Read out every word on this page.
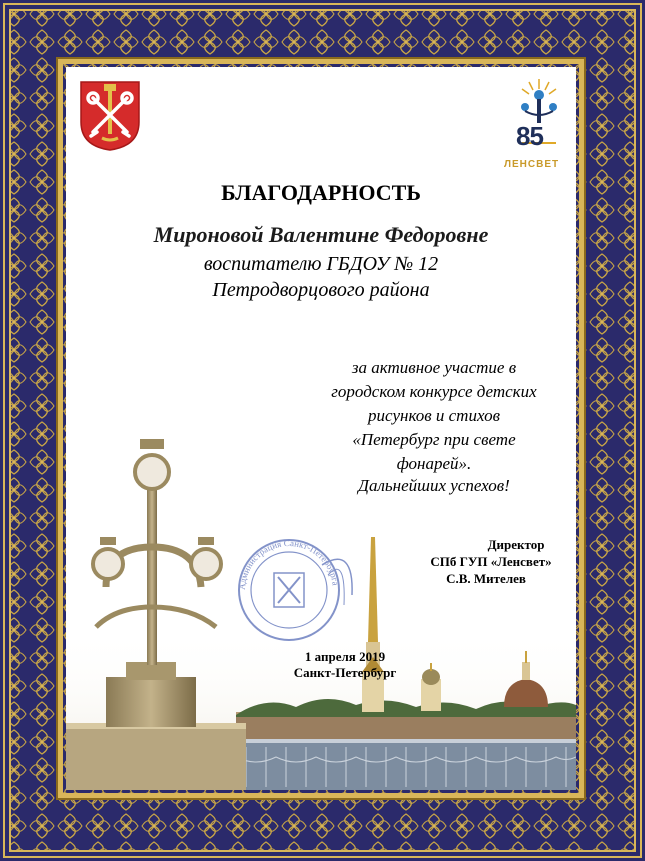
85
ЛЕНСВЕТ
БЛАГОДАРНОСТЬ
Мироновой Валентине Федоровне
воспитателю ГБДОУ № 12
Петродворцового района
за активное участие в
городском конкурсе детских
рисунков и стихов
«Петербург при свете
фонарей».
Дальнейших успехов!
Администрация Санкт-Петербурга
Директор
СПб ГУП «Ленсвет»
С.В. Мителев
1 апреля 2019
Санкт-Петербург
